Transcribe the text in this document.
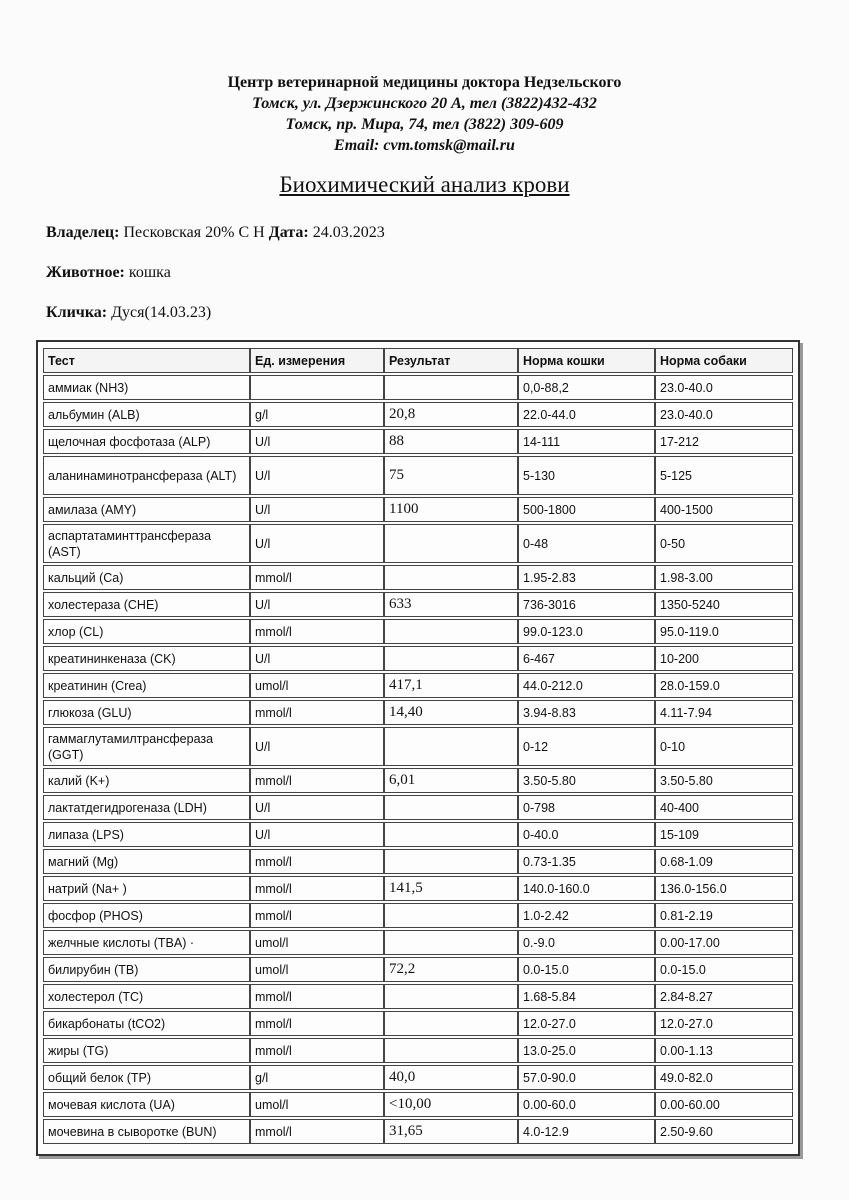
Центр ветеринарной медицины доктора Недзельского
Томск, ул. Дзержинского 20 А, тел (3822)432-432
Томск, пр. Мира, 74, тел (3822) 309-609
Email: cvm.tomsk@mail.ru
Биохимический анализ крови
Владелец: Песковская 20% С Н Дата: 24.03.2023
Животное: кошка
Кличка: Дуся(14.03.23)
Тест	Ед. измерения	Результат	Норма кошки	Норма собаки
аммиак (NH3)			0,0-88,2	23.0-40.0
альбумин (ALB)	g/l	20,8	22.0-44.0	23.0-40.0
щелочная фосфотаза (ALP)	U/l	88	14-111	17-212
аланинаминотрансфераза (ALT)	U/l	75	5-130	5-125
амилаза (AMY)	U/l	1100	500-1800	400-1500
аспартатаминттрансфераза (AST)	U/l		0-48	0-50
кальций (Ca)	mmol/l		1.95-2.83	1.98-3.00
холестераза (CHE)	U/l	633	736-3016	1350-5240
хлор (CL)	mmol/l		99.0-123.0	95.0-119.0
креатининкеназа (CK)	U/l		6-467	10-200
креатинин (Crea)	umol/l	417,1	44.0-212.0	28.0-159.0
глюкоза (GLU)	mmol/l	14,40	3.94-8.83	4.11-7.94
гаммаглутамилтрансфераза (GGT)	U/l		0-12	0-10
калий (K+)	mmol/l	6,01	3.50-5.80	3.50-5.80
лактатдегидрогеназа (LDH)	U/l		0-798	40-400
липаза (LPS)	U/l		0-40.0	15-109
магний (Mg)	mmol/l		0.73-1.35	0.68-1.09
натрий (Na+ )	mmol/l	141,5	140.0-160.0	136.0-156.0
фосфор (PHOS)	mmol/l		1.0-2.42	0.81-2.19
желчные кислоты (TBA) ·	umol/l		0.-9.0	0.00-17.00
билирубин (TB)	umol/l	72,2	0.0-15.0	0.0-15.0
холестерол (TC)	mmol/l		1.68-5.84	2.84-8.27
бикарбонаты (tCO2)	mmol/l		12.0-27.0	12.0-27.0
жиры (TG)	mmol/l		13.0-25.0	0.00-1.13
общий белок (TP)	g/l	40,0	57.0-90.0	49.0-82.0
мочевая кислота (UA)	umol/l	<10,00	0.00-60.0	0.00-60.00
мочевина в сыворотке (BUN)	mmol/l	31,65	4.0-12.9	2.50-9.60
